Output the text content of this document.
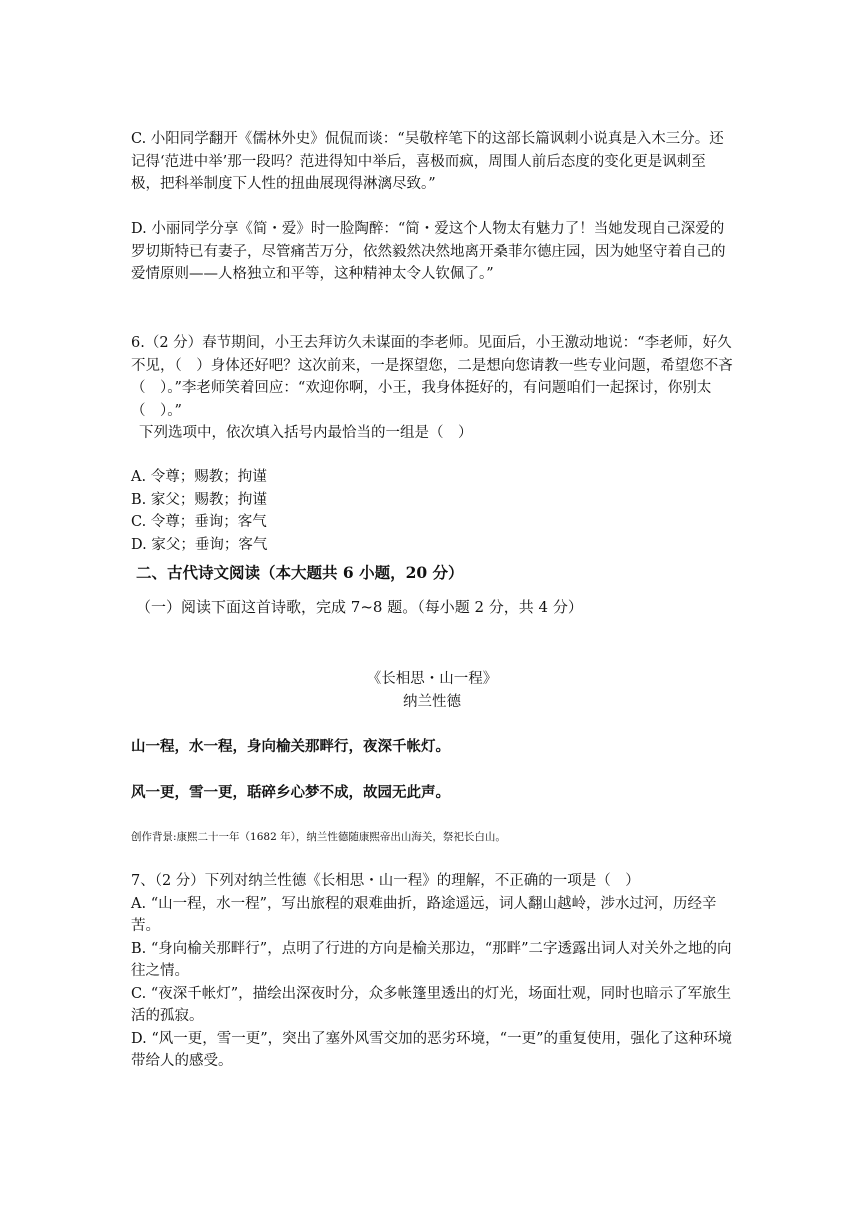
C. 小阳同学翻开《儒林外史》侃侃而谈：“吴敬梓笔下的这部长篇讽刺小说真是入木三分。还记得‘范进中举’那一段吗？范进得知中举后，喜极而疯，周围人前后态度的变化更是讽刺至极，把科举制度下人性的扭曲展现得淋漓尽致。”

D. 小丽同学分享《简・爱》时一脸陶醉：“简・爱这个人物太有魅力了！当她发现自己深爱的罗切斯特已有妻子，尽管痛苦万分，依然毅然决然地离开桑菲尔德庄园，因为她坚守着自己的爱情原则——人格独立和平等，这种精神太令人钦佩了。”

6.（2 分）春节期间，小王去拜访久未谋面的李老师。见面后，小王激动地说：“李老师，好久不见，（　）身体还好吧？这次前来，一是探望您，二是想向您请教一些专业问题，希望您不吝（　）。”李老师笑着回应：“欢迎你啊，小王，我身体挺好的，有问题咱们一起探讨，你别太（　）。”

下列选项中，依次填入括号内最恰当的一组是（　）

A. 令尊；赐教；拘谨

B. 家父；赐教；拘谨

C. 令尊；垂询；客气

D. 家父；垂询；客气

二、古代诗文阅读（本大题共 6 小题，20 分）
（一）阅读下面这首诗歌，完成 7~8 题。（每小题 2 分，共 4 分）
《长相思・山一程》
纳兰性德
山一程，水一程，身向榆关那畔行，夜深千帐灯。
风一更，雪一更，聒碎乡心梦不成，故园无此声。
创作背景:康熙二十一年（1682 年），纳兰性德随康熙帝出山海关，祭祀长白山。

7、（2 分）下列对纳兰性德《长相思・山一程》的理解，不正确的一项是（　）

A. “山一程，水一程”，写出旅程的艰难曲折，路途遥远，词人翻山越岭，涉水过河，历经辛苦。

B. “身向榆关那畔行”，点明了行进的方向是榆关那边，“那畔”二字透露出词人对关外之地的向往之情。

C. “夜深千帐灯”，描绘出深夜时分，众多帐篷里透出的灯光，场面壮观，同时也暗示了军旅生活的孤寂。

D. “风一更，雪一更”，突出了塞外风雪交加的恶劣环境，“一更”的重复使用，强化了这种环境带给人的感受。
